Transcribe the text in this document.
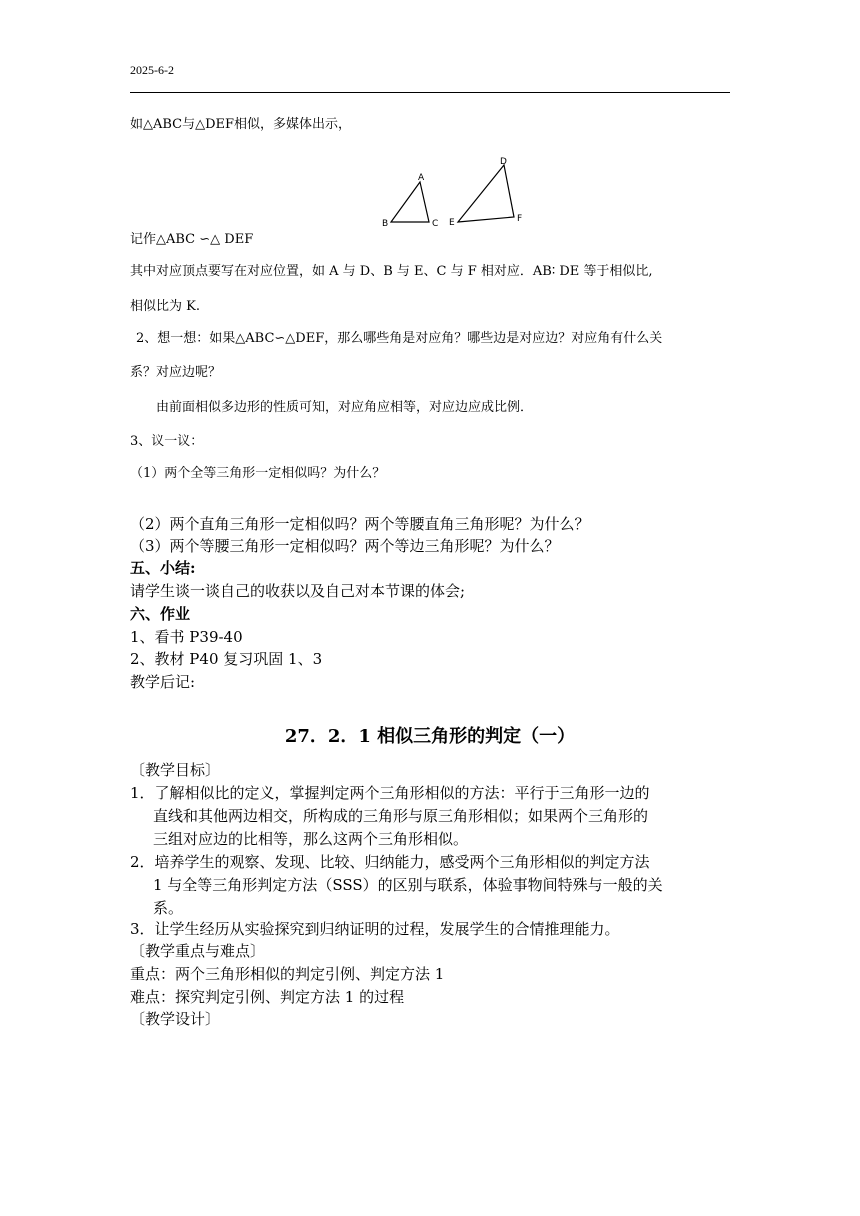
2025-6-2
如△ABC与△DEF相似，多媒体出示，
A
B	C
D
E	F
记作△ABC ∽△ DEF
其中对应顶点要写在对应位置，如 A 与 D、B 与 E、C 与 F 相对应．AB∶ DE 等于相似比,
相似比为 K.
2、想一想：如果△ABC∽△DEF，那么哪些角是对应角？哪些边是对应边？对应角有什么关
系？对应边呢？
由前面相似多边形的性质可知，对应角应相等，对应边应成比例．
3、议一议：
（1）两个全等三角形一定相似吗？为什么？
（2）两个直角三角形一定相似吗？两个等腰直角三角形呢？为什么？
（3）两个等腰三角形一定相似吗？两个等边三角形呢？为什么？
五、小结:
请学生谈一谈自己的收获以及自己对本节课的体会;
六、作业
1、看书 P39-40
2、教材 P40 复习巩固 1、3
教学后记:
27．2．1 相似三角形的判定（一）
〔教学目标〕
1．了解相似比的定义，掌握判定两个三角形相似的方法：平行于三角形一边的
直线和其他两边相交，所构成的三角形与原三角形相似；如果两个三角形的
三组对应边的比相等，那么这两个三角形相似。
2．培养学生的观察、发现、比较、归纳能力，感受两个三角形相似的判定方法
1 与全等三角形判定方法（SSS）的区别与联系，体验事物间特殊与一般的关
系。
3．让学生经历从实验探究到归纳证明的过程，发展学生的合情推理能力。
〔教学重点与难点〕
重点：两个三角形相似的判定引例、判定方法 1
难点：探究判定引例、判定方法 1 的过程
〔教学设计〕
